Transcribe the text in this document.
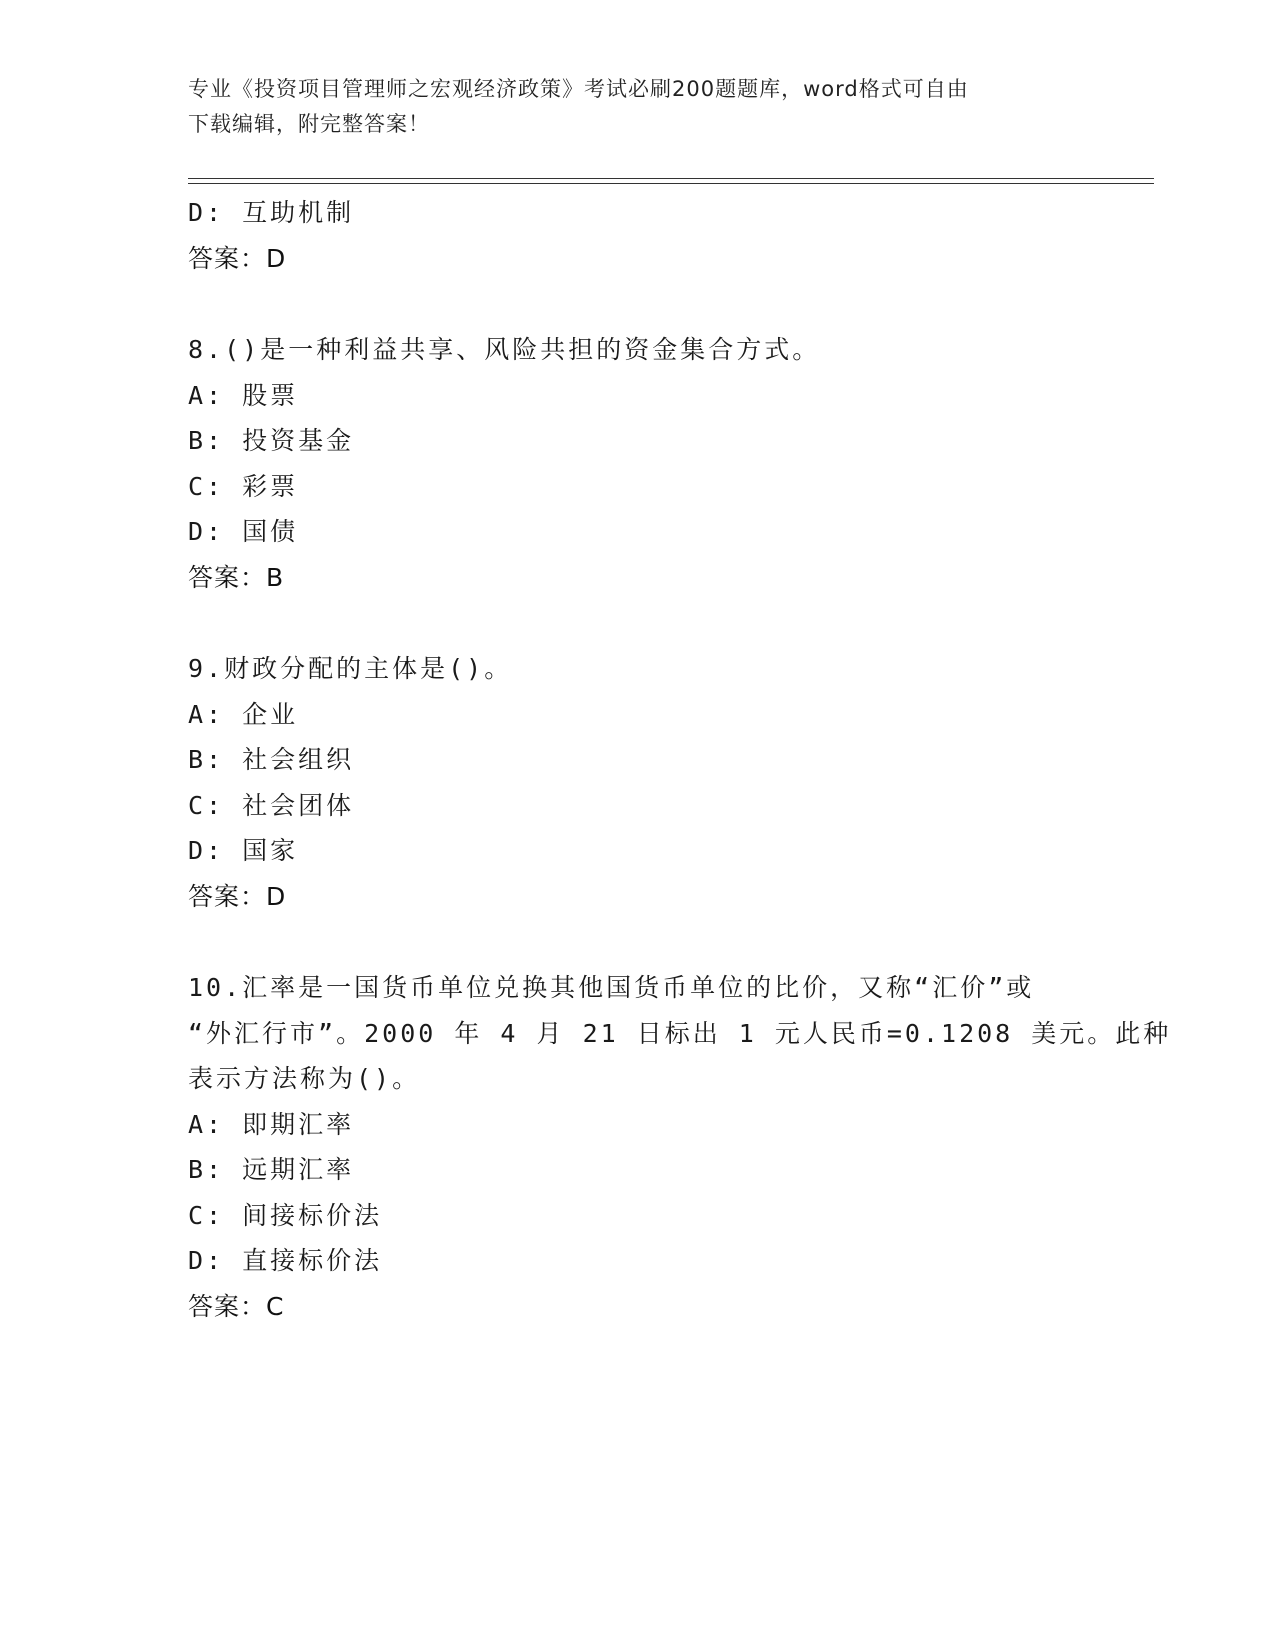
专业《投资项目管理师之宏观经济政策》考试必刷200题题库，word格式可自由
下载编辑，附完整答案！
D: 互助机制
答案：D
8.()是一种利益共享、风险共担的资金集合方式。
A: 股票
B: 投资基金
C: 彩票
D: 国债
答案：B
9.财政分配的主体是()。
A: 企业
B: 社会组织
C: 社会团体
D: 国家
答案：D
10.汇率是一国货币单位兑换其他国货币单位的比价，又称“汇价”或
“外汇行市”。2000 年 4 月 21 日标出 1 元人民币=0.1208 美元。此种
表示方法称为()。
A: 即期汇率
B: 远期汇率
C: 间接标价法
D: 直接标价法
答案：C
